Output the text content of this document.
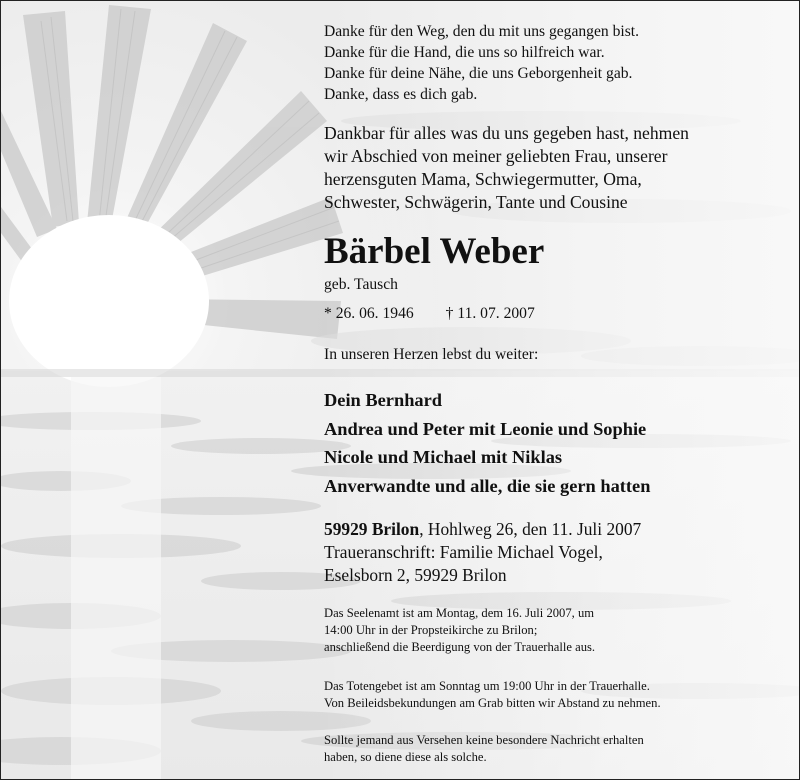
Danke für den Weg, den du mit uns gegangen bist.
Danke für die Hand, die uns so hilfreich war.
Danke für deine Nähe, die uns Geborgenheit gab.
Danke, dass es dich gab.
Dankbar für alles was du uns gegeben hast, nehmen
wir Abschied von meiner geliebten Frau, unserer
herzensguten Mama, Schwiegermutter, Oma,
Schwester, Schwägerin, Tante und Cousine
Bärbel Weber
geb. Tausch
* 26. 06. 1946 † 11. 07. 2007
In unseren Herzen lebst du weiter:
Dein Bernhard
Andrea und Peter mit Leonie und Sophie
Nicole und Michael mit Niklas
Anverwandte und alle, die sie gern hatten
59929 Brilon, Hohlweg 26, den 11. Juli 2007
Traueranschrift: Familie Michael Vogel,
Eselsborn 2, 59929 Brilon
Das Seelenamt ist am Montag, dem 16. Juli 2007, um
14:00 Uhr in der Propsteikirche zu Brilon;
anschließend die Beerdigung von der Trauerhalle aus.
Das Totengebet ist am Sonntag um 19:00 Uhr in der Trauerhalle.
Von Beileidsbekundungen am Grab bitten wir Abstand zu nehmen.
Sollte jemand aus Versehen keine besondere Nachricht erhalten
haben, so diene diese als solche.
